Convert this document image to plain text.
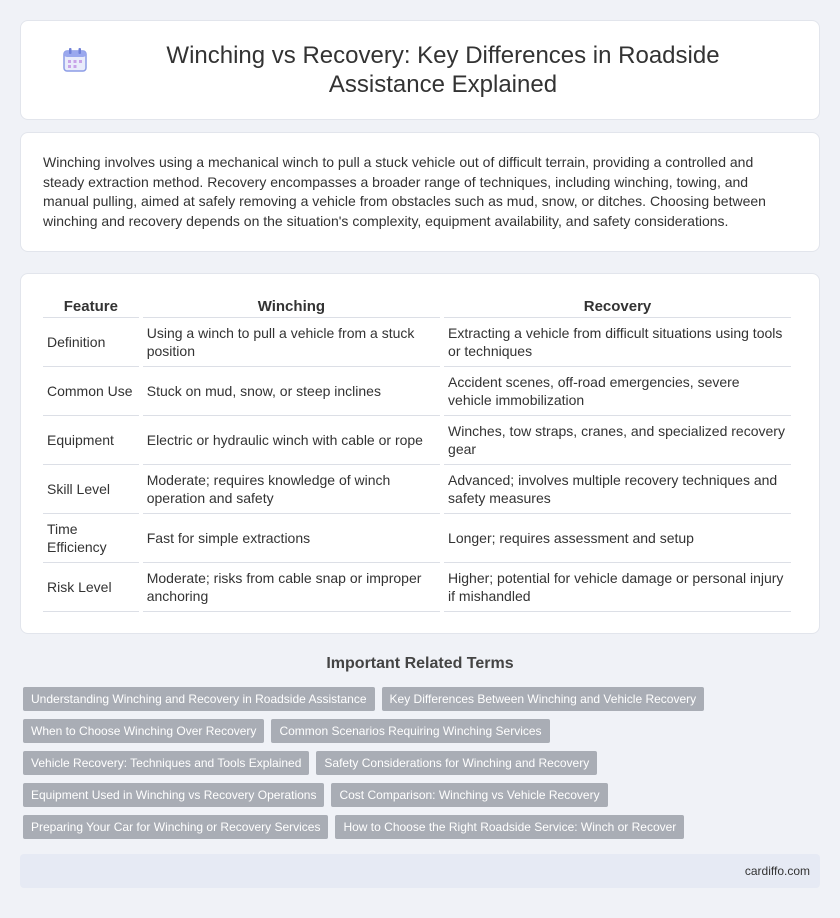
Winching vs Recovery: Key Differences in Roadside Assistance Explained

Winching involves using a mechanical winch to pull a stuck vehicle out of difficult terrain, providing a controlled and steady extraction method. Recovery encompasses a broader range of techniques, including winching, towing, and manual pulling, aimed at safely removing a vehicle from obstacles such as mud, snow, or ditches. Choosing between winching and recovery depends on the situation's complexity, equipment availability, and safety considerations.

Feature	Winching	Recovery
Definition	Using a winch to pull a vehicle from a stuck position	Extracting a vehicle from difficult situations using tools or techniques
Common Use	Stuck on mud, snow, or steep inclines	Accident scenes, off-road emergencies, severe vehicle immobilization
Equipment	Electric or hydraulic winch with cable or rope	Winches, tow straps, cranes, and specialized recovery gear
Skill Level	Moderate; requires knowledge of winch operation and safety	Advanced; involves multiple recovery techniques and safety measures
Time Efficiency	Fast for simple extractions	Longer; requires assessment and setup
Risk Level	Moderate; risks from cable snap or improper anchoring	Higher; potential for vehicle damage or personal injury if mishandled
Important Related Terms
Understanding Winching and Recovery in Roadside Assistance	Key Differences Between Winching and Vehicle Recovery
When to Choose Winching Over Recovery	Common Scenarios Requiring Winching Services
Vehicle Recovery: Techniques and Tools Explained	Safety Considerations for Winching and Recovery
Equipment Used in Winching vs Recovery Operations	Cost Comparison: Winching vs Vehicle Recovery
Preparing Your Car for Winching or Recovery Services	How to Choose the Right Roadside Service: Winch or Recover
cardiffo.com
